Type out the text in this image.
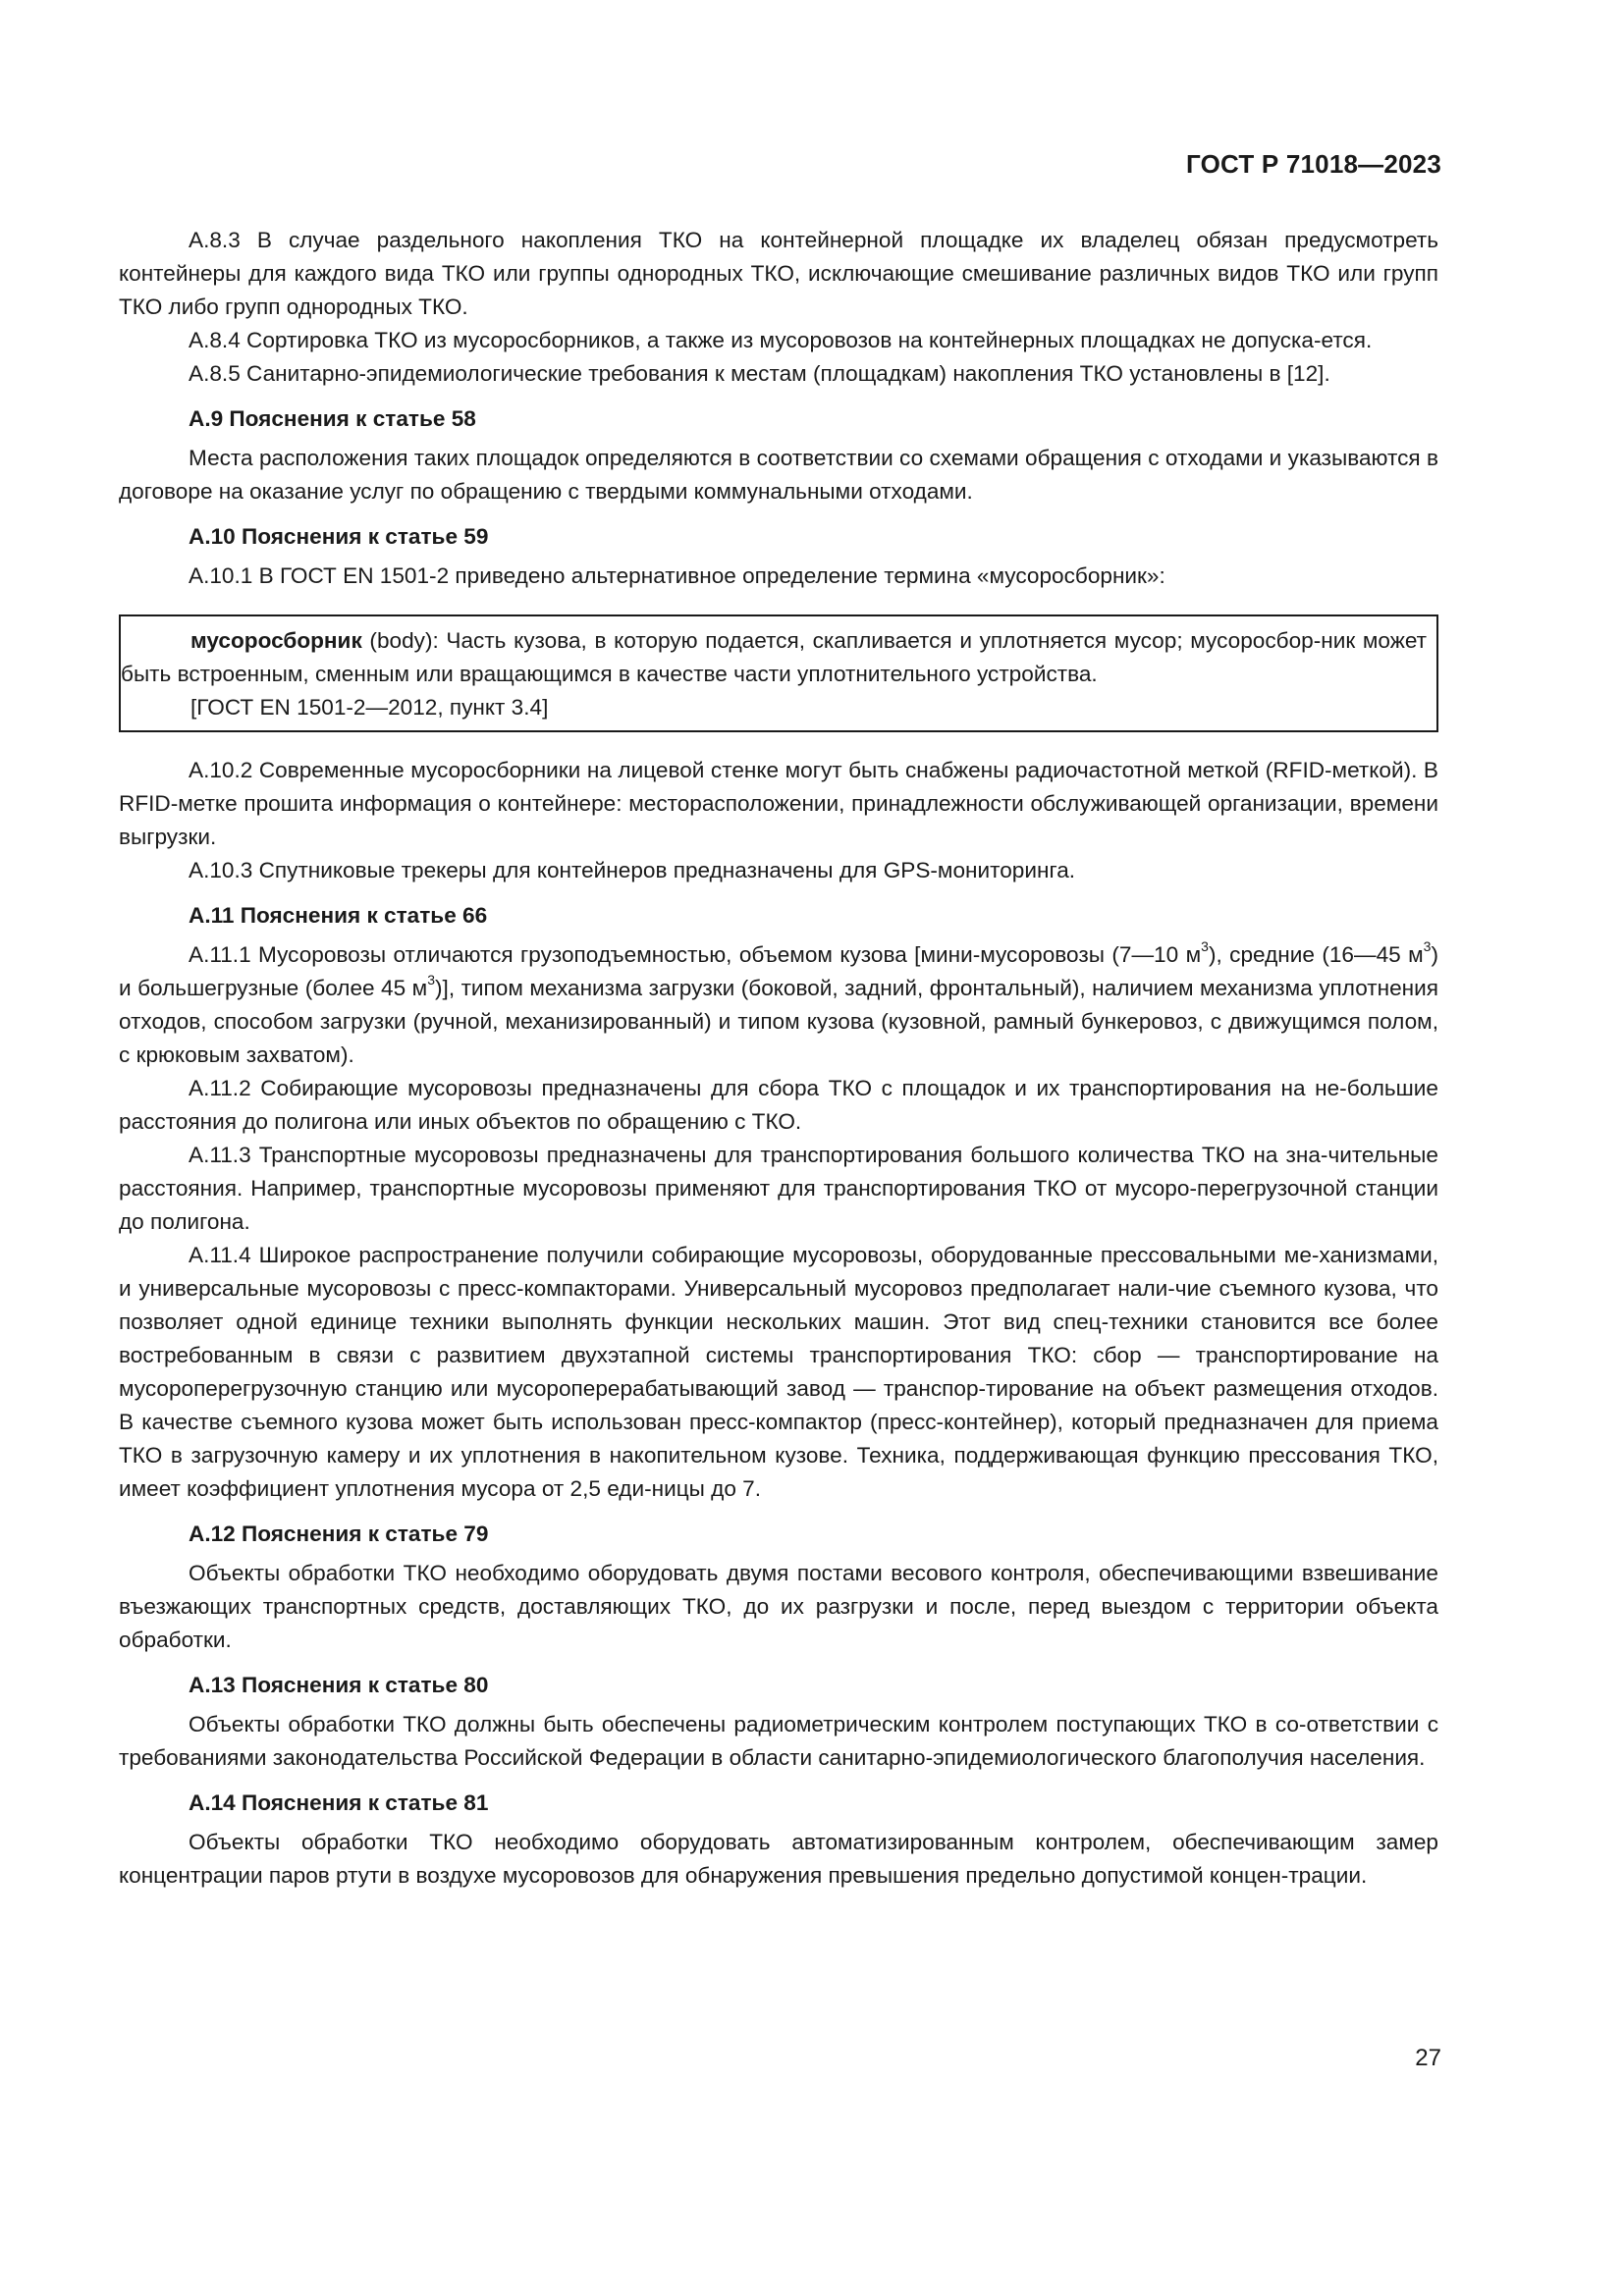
ГОСТ Р 71018—2023

А.8.3 В случае раздельного накопления ТКО на контейнерной площадке их владелец обязан предусмотреть контейнеры для каждого вида ТКО или группы однородных ТКО, исключающие смешивание различных видов ТКО или групп ТКО либо групп однородных ТКО.

А.8.4 Сортировка ТКО из мусоросборников, а также из мусоровозов на контейнерных площадках не допуска-ется.

А.8.5 Санитарно-эпидемиологические требования к местам (площадкам) накопления ТКО установлены в [12].

А.9 Пояснения к статье 58

Места расположения таких площадок определяются в соответствии со схемами обращения с отходами и указываются в договоре на оказание услуг по обращению с твердыми коммунальными отходами.

А.10 Пояснения к статье 59

А.10.1 В ГОСТ EN 1501-2 приведено альтернативное определение термина «мусоросборник»:

мусоросборник (body): Часть кузова, в которую подается, скапливается и уплотняется мусор; мусоросбор-ник может быть встроенным, сменным или вращающимся в качестве части уплотнительного устройства.

[ГОСТ EN 1501-2—2012, пункт 3.4]

А.10.2 Современные мусоросборники на лицевой стенке могут быть снабжены радиочастотной меткой (RFID-меткой). В RFID-метке прошита информация о контейнере: месторасположении, принадлежности обслуживающей организации, времени выгрузки.

А.10.3 Спутниковые трекеры для контейнеров предназначены для GPS-мониторинга.

А.11 Пояснения к статье 66

А.11.1 Мусоровозы отличаются грузоподъемностью, объемом кузова [мини-мусоровозы (7—10 $м^3$), средние (16—45 $м^3$) и большегрузные (более 45 $м^3$)], типом механизма загрузки (боковой, задний, фронтальный), наличием механизма уплотнения отходов, способом загрузки (ручной, механизированный) и типом кузова (кузовной, рамный бункеровоз, с движущимся полом, с крюковым захватом).

А.11.2 Собирающие мусоровозы предназначены для сбора ТКО с площадок и их транспортирования на не-большие расстояния до полигона или иных объектов по обращению с ТКО.

А.11.3 Транспортные мусоровозы предназначены для транспортирования большого количества ТКО на зна-чительные расстояния. Например, транспортные мусоровозы применяют для транспортирования ТКО от мусоро-перегрузочной станции до полигона.

А.11.4 Широкое распространение получили собирающие мусоровозы, оборудованные прессовальными ме-ханизмами, и универсальные мусоровозы с пресс-компакторами. Универсальный мусоровоз предполагает нали-чие съемного кузова, что позволяет одной единице техники выполнять функции нескольких машин. Этот вид спец-техники становится все более востребованным в связи с развитием двухэтапной системы транспортирования ТКО: сбор — транспортирование на мусороперегрузочную станцию или мусороперерабатывающий завод — транспор-тирование на объект размещения отходов. В качестве съемного кузова может быть использован пресс-компактор (пресс-контейнер), который предназначен для приема ТКО в загрузочную камеру и их уплотнения в накопительном кузове. Техника, поддерживающая функцию прессования ТКО, имеет коэффициент уплотнения мусора от 2,5 еди-ницы до 7.

А.12 Пояснения к статье 79

Объекты обработки ТКО необходимо оборудовать двумя постами весового контроля, обеспечивающими взвешивание въезжающих транспортных средств, доставляющих ТКО, до их разгрузки и после, перед выездом с территории объекта обработки.

А.13 Пояснения к статье 80

Объекты обработки ТКО должны быть обеспечены радиометрическим контролем поступающих ТКО в со-ответствии с требованиями законодательства Российской Федерации в области санитарно-эпидемиологического благополучия населения.

А.14 Пояснения к статье 81

Объекты обработки ТКО необходимо оборудовать автоматизированным контролем, обеспечивающим замер концентрации паров ртути в воздухе мусоровозов для обнаружения превышения предельно допустимой концен-трации.

27
